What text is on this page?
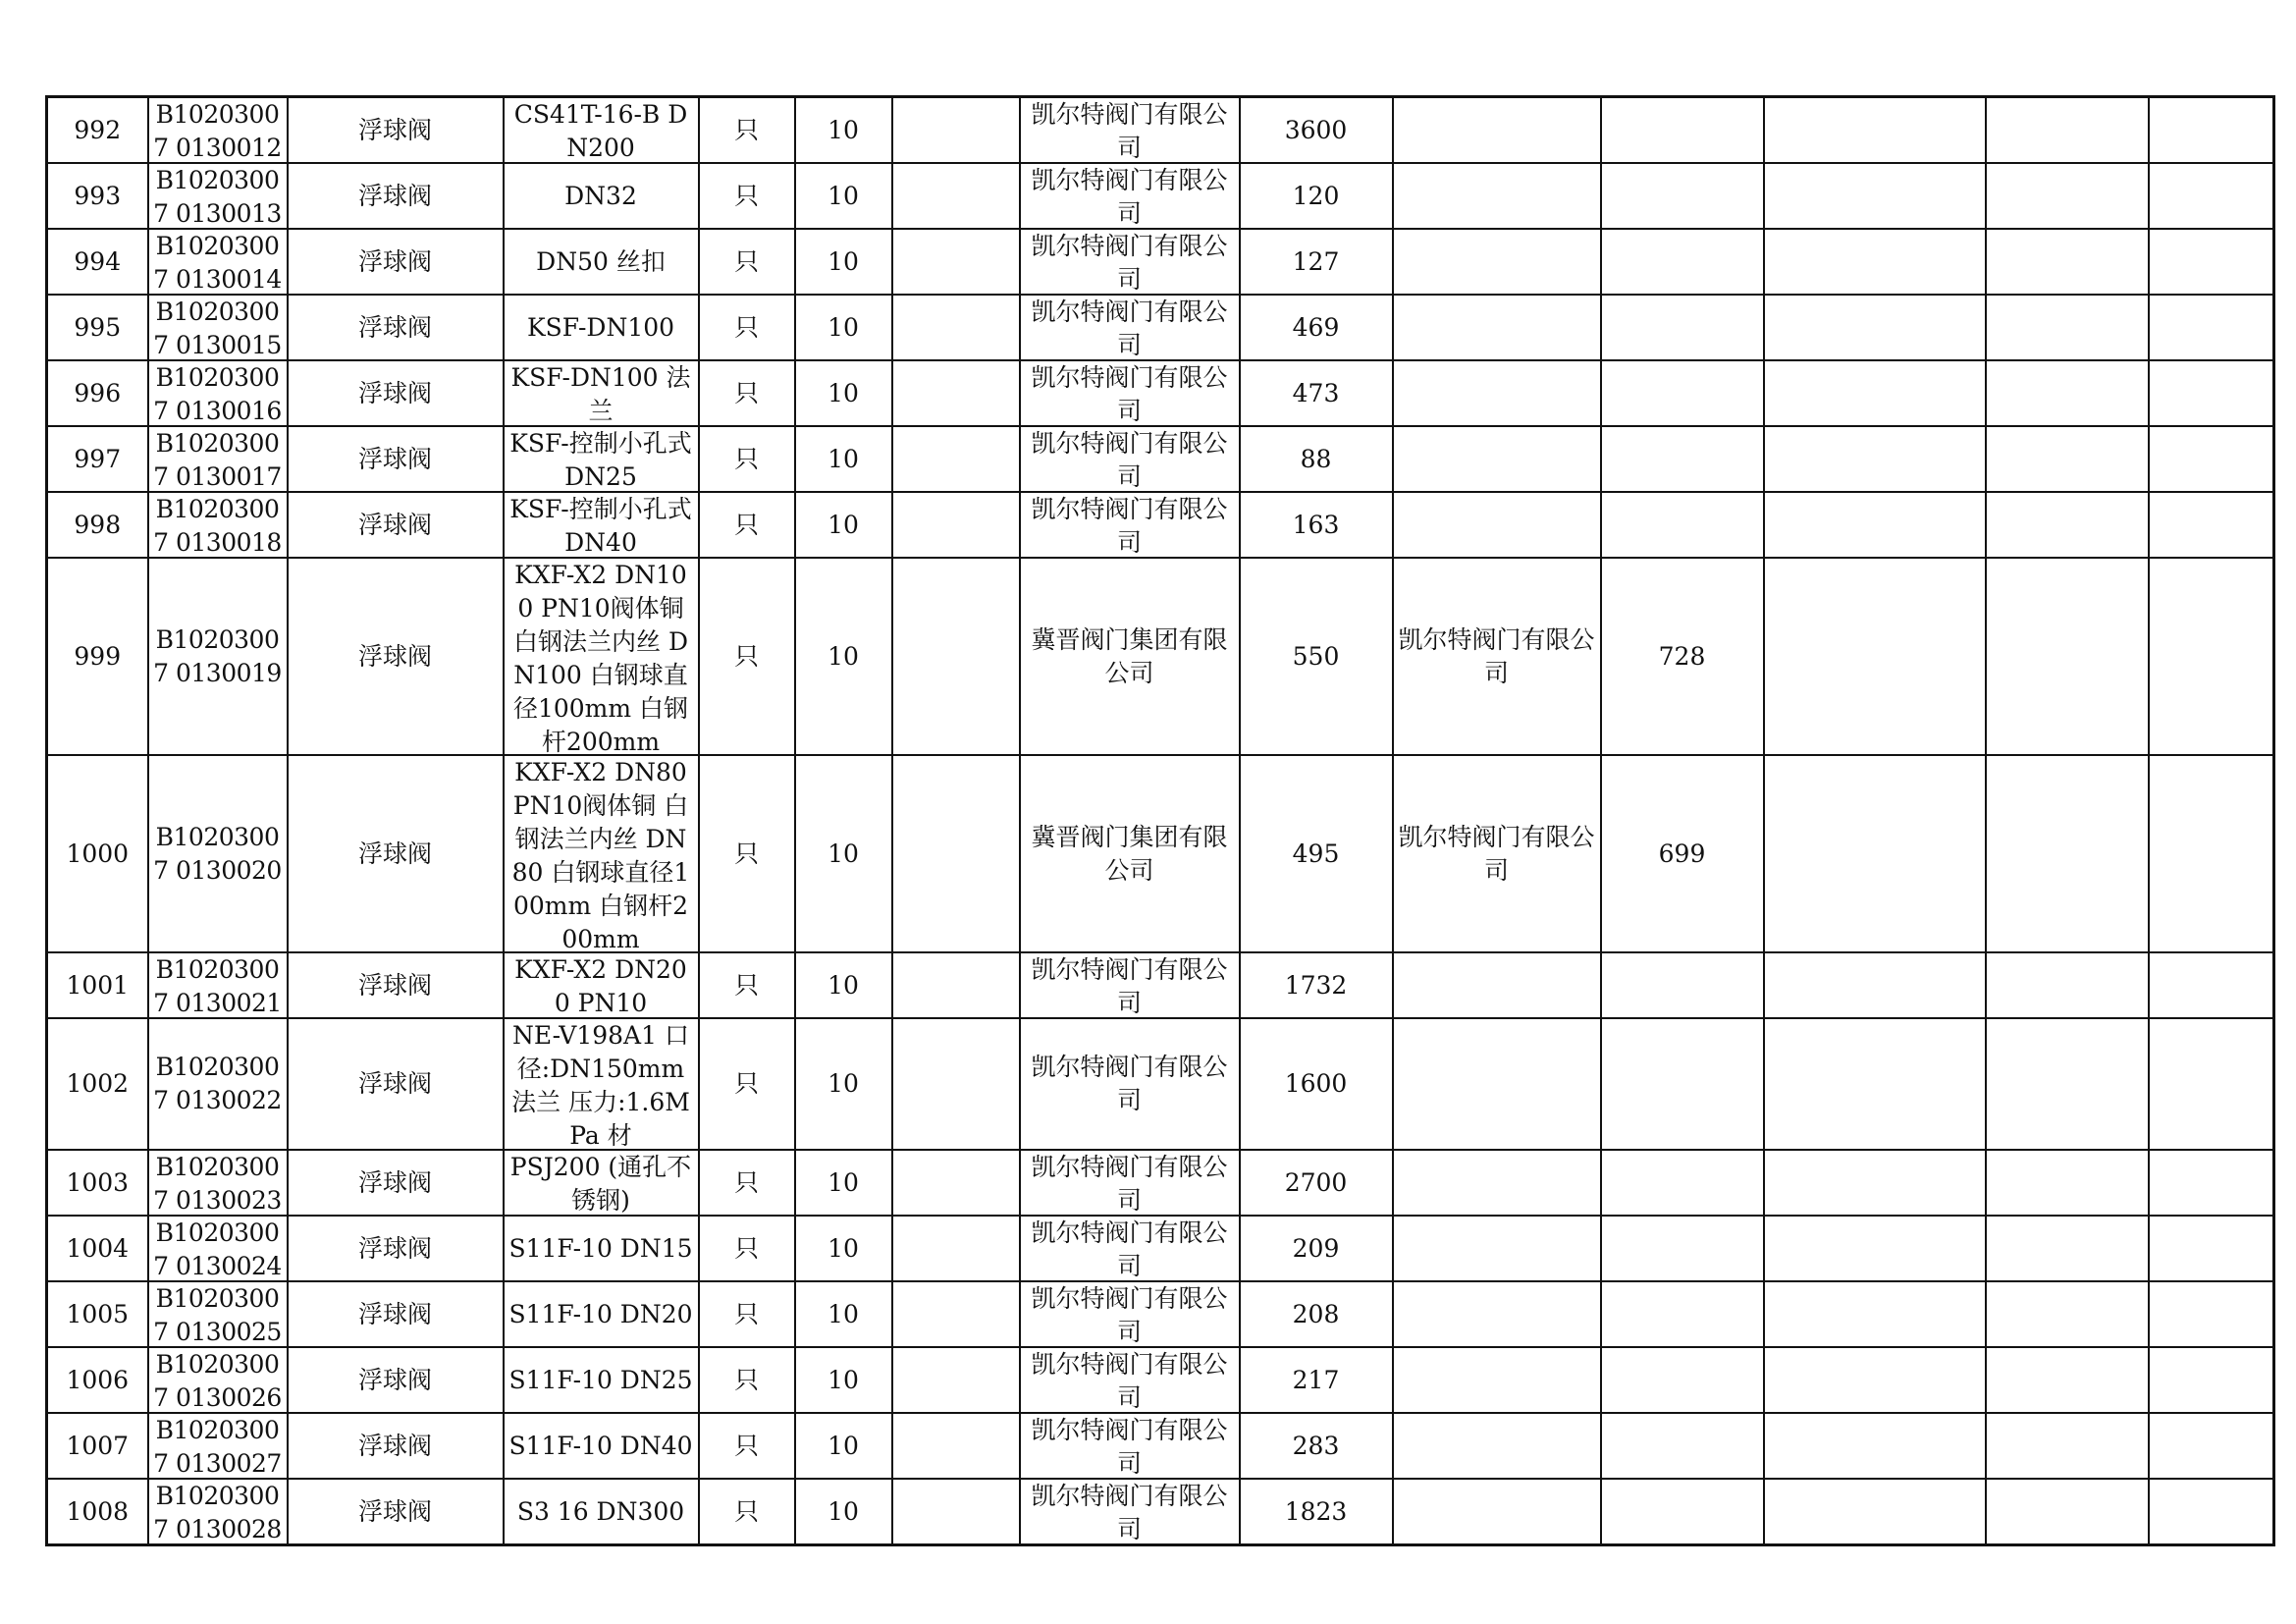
992	B10203007 0130012	浮球阀	CS41T-16-B DN200	只	10		凯尔特阀门有限公司	3600	

993	B10203007 0130013	浮球阀	DN32	只	10		凯尔特阀门有限公司	120	

994	B10203007 0130014	浮球阀	DN50 丝扣	只	10		凯尔特阀门有限公司	127	

995	B10203007 0130015	浮球阀	KSF-DN100	只	10		凯尔特阀门有限公司	469	

996	B10203007 0130016	浮球阀	KSF-DN100 法兰	只	10		凯尔特阀门有限公司	473	

997	B10203007 0130017	浮球阀	KSF-控制小孔式 DN25	只	10		凯尔特阀门有限公司	88	

998	B10203007 0130018	浮球阀	KSF-控制小孔式 DN40	只	10		凯尔特阀门有限公司	163	

999	B10203007 0130019	浮球阀	KXF-X2 DN100 PN10阀体铜 白钢法兰内丝 DN100 白钢球直径100mm 白钢杆200mm	只	10		冀晋阀门集团有限公司	550	凯尔特阀门有限公司	728			
1000	B10203007 0130020	浮球阀	KXF-X2 DN80 PN10阀体铜 白钢法兰内丝 DN80 白钢球直径100mm 白钢杆200mm	只	10		冀晋阀门集团有限公司	495	凯尔特阀门有限公司	699			
1001	B10203007 0130021	浮球阀	KXF-X2 DN200 PN10	只	10		凯尔特阀门有限公司	1732	

1002	B10203007 0130022	浮球阀	NE-V198A1 口径:DN150mm法兰 压力:1.6MPa 材	只	10		凯尔特阀门有限公司	1600	

1003	B10203007 0130023	浮球阀	PSJ200 (通孔不锈钢)	只	10		凯尔特阀门有限公司	2700	

1004	B10203007 0130024	浮球阀	S11F-10 DN15	只	10		凯尔特阀门有限公司	209	

1005	B10203007 0130025	浮球阀	S11F-10 DN20	只	10		凯尔特阀门有限公司	208	

1006	B10203007 0130026	浮球阀	S11F-10 DN25	只	10		凯尔特阀门有限公司	217	

1007	B10203007 0130027	浮球阀	S11F-10 DN40	只	10		凯尔特阀门有限公司	283	

1008	B10203007 0130028	浮球阀	S3 16 DN300	只	10		凯尔特阀门有限公司	1823	
